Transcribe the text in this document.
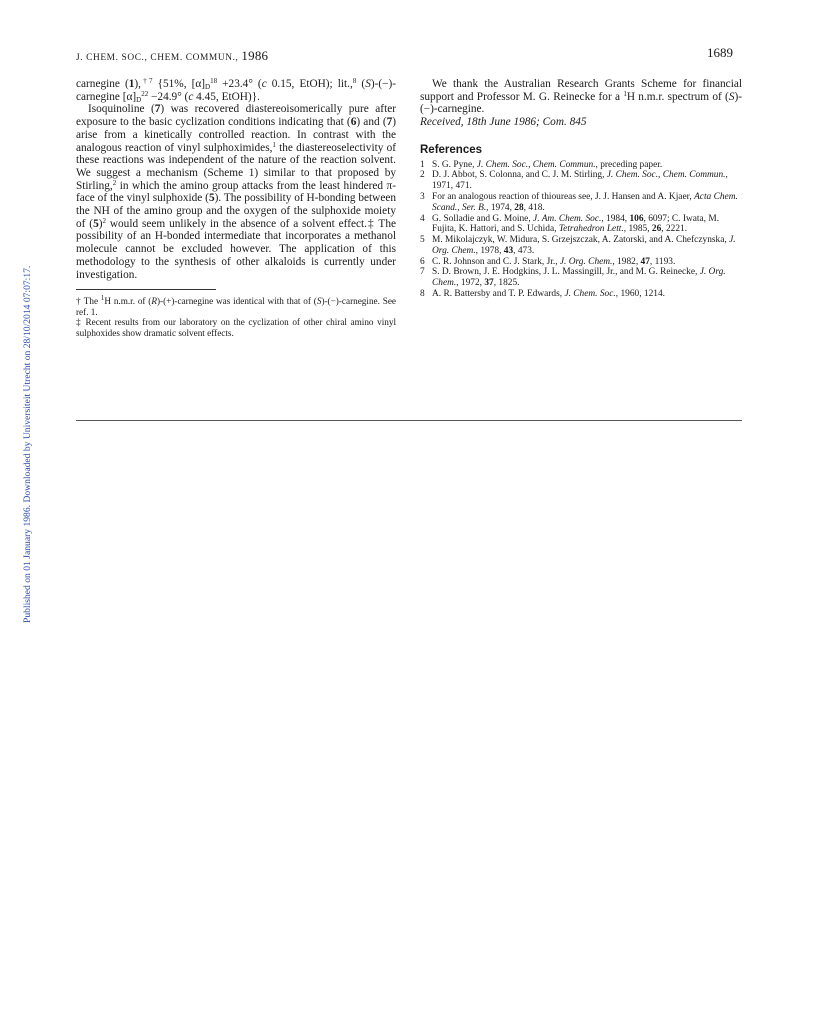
Published on 01 January 1986. Downloaded by Universiteit Utrecht on 28/10/2014 07:07:17.
J. CHEM. SOC., CHEM. COMMUN., 1986	1689

carnegine (1),$^{\dagger 7}$ {51%, $[\alpha]_D^{18} +23.4^\circ$ (c 0.15, EtOH); lit.,$^8$ (S)-(−)-carnegine $[\alpha]_D^{22} -24.9^\circ$ (c 4.45, EtOH)}.

Isoquinoline (7) was recovered diastereoisomerically pure after exposure to the basic cyclization conditions indicating that (6) and (7) arise from a kinetically controlled reaction. In contrast with the analogous reaction of vinyl sulphoximides,$^1$ the diastereoselectivity of these reactions was independent of the nature of the reaction solvent. We suggest a mechanism (Scheme 1) similar to that proposed by Stirling,$^2$ in which the amino group attacks from the least hindered π-face of the vinyl sulphoxide (5). The possibility of H-bonding between the NH of the amino group and the oxygen of the sulphoxide moiety of $(5)^2$ would seem unlikely in the absence of a solvent effect.‡ The possibility of an H-bonded intermediate that incorporates a methanol molecule cannot be excluded however. The application of this methodology to the synthesis of other alkaloids is currently under investigation.

† The $^1$H n.m.r. of (R)-(+)-carnegine was identical with that of (S)-(−)-carnegine. See ref. 1.

‡ Recent results from our laboratory on the cyclization of other chiral amino vinyl sulphoxides show dramatic solvent effects.

We thank the Australian Research Grants Scheme for financial support and Professor M. G. Reinecke for a $^1$H n.m.r. spectrum of (S)-(−)-carnegine.

Received, 18th June 1986; Com. 845

References
1 S. G. Pyne, J. Chem. Soc., Chem. Commun., preceding paper.
2 D. J. Abbot, S. Colonna, and C. J. M. Stirling, J. Chem. Soc., Chem. Commun., 1971, 471.
3 For an analogous reaction of thioureas see, J. J. Hansen and A. Kjaer, Acta Chem. Scand., Ser. B., 1974, 28, 418.
4 G. Solladie and G. Moine, J. Am. Chem. Soc., 1984, 106, 6097; C. Iwata, M. Fujita, K. Hattori, and S. Uchida, Tetrahedron Lett., 1985, 26, 2221.
5 M. Mikolajczyk, W. Midura, S. Grzejszczak, A. Zatorski, and A. Chefczynska, J. Org. Chem., 1978, 43, 473.
6 C. R. Johnson and C. J. Stark, Jr., J. Org. Chem., 1982, 47, 1193.
7 S. D. Brown, J. E. Hodgkins, J. L. Massingill, Jr., and M. G. Reinecke, J. Org. Chem., 1972, 37, 1825.
8 A. R. Battersby and T. P. Edwards, J. Chem. Soc., 1960, 1214.
